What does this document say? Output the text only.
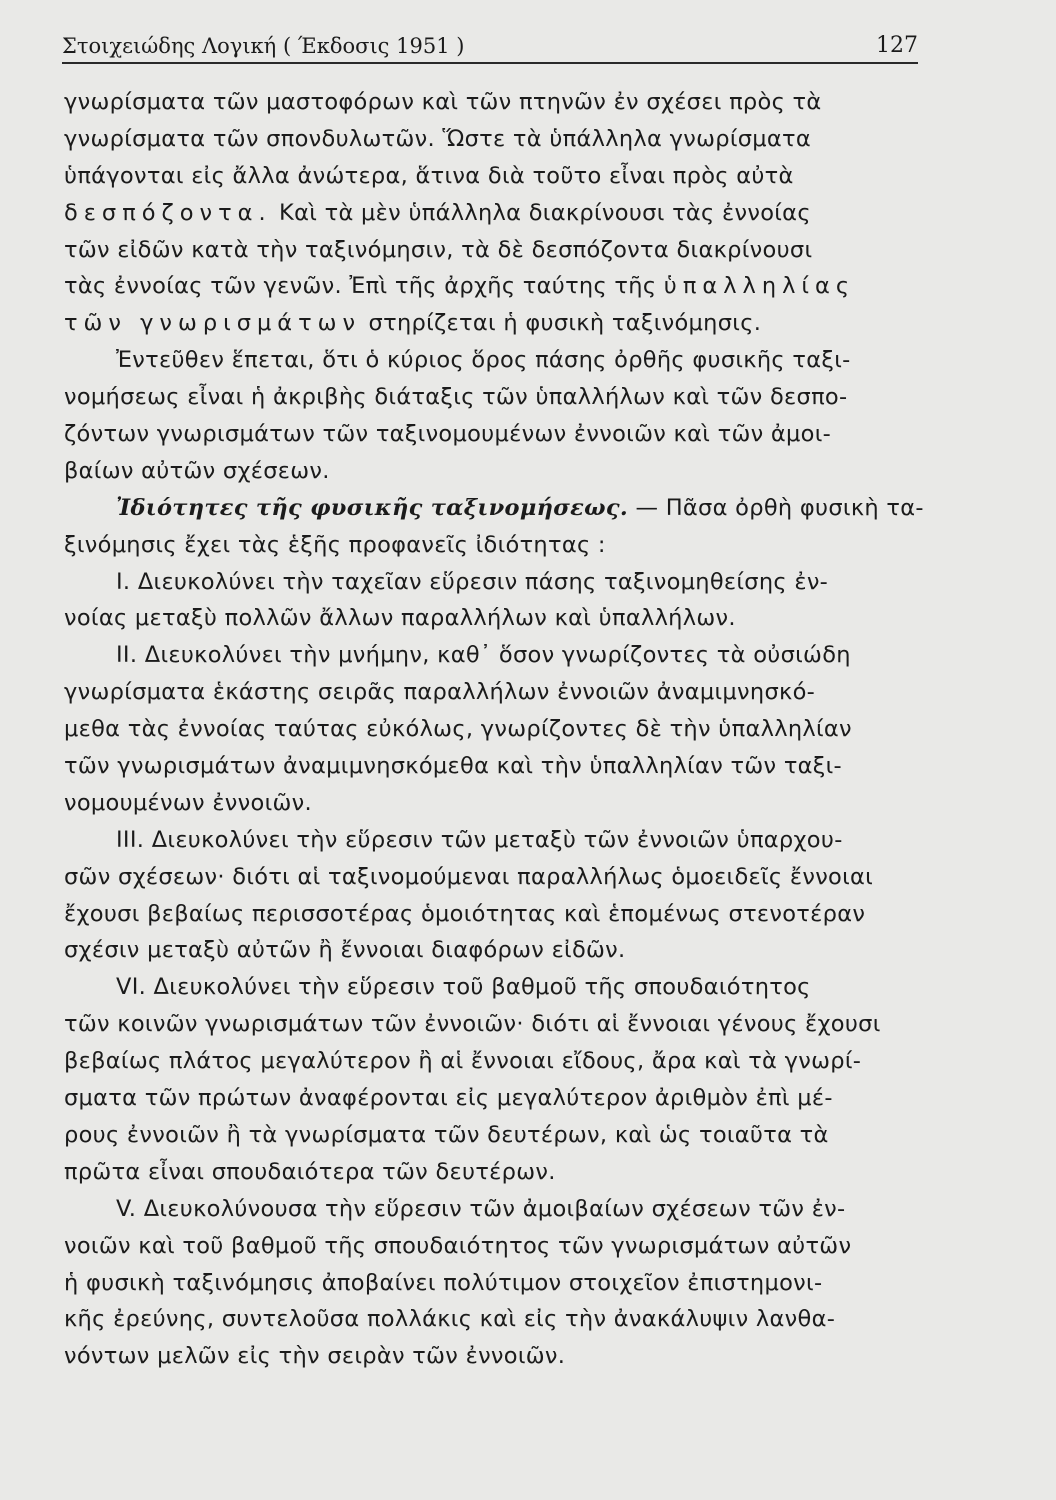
Στοιχειώδης Λογική ( Έκδοσις 1951 )	127
γνωρίσματα τῶν μαστοφόρων καὶ τῶν πτηνῶν ἐν σχέσει πρὸς τὰ
γνωρίσματα τῶν σπονδυλωτῶν. Ὥστε τὰ ὑπάλληλα γνωρίσματα
ὑπάγονται εἰς ἄλλα ἀνώτερα, ἅτινα διὰ τοῦτο εἶναι πρὸς αὐτὰ
δεσπόζοντα. Καὶ τὰ μὲν ὑπάλληλα διακρίνουσι τὰς ἐννοίας
τῶν εἰδῶν κατὰ τὴν ταξινόμησιν, τὰ δὲ δεσπόζοντα διακρίνουσι
τὰς ἐννοίας τῶν γενῶν. Ἐπὶ τῆς ἀρχῆς ταύτης τῆς ὑπαλληλίας
τῶν γνωρισμάτων στηρίζεται ἡ φυσικὴ ταξινόμησις.
Ἐντεῦθεν ἕπεται, ὅτι ὁ κύριος ὅρος πάσης ὀρθῆς φυσικῆς ταξι-
νομήσεως εἶναι ἡ ἀκριβὴς διάταξις τῶν ὑπαλλήλων καὶ τῶν δεσπο-
ζόντων γνωρισμάτων τῶν ταξινομουμένων ἐννοιῶν καὶ τῶν ἀμοι-
βαίων αὐτῶν σχέσεων.
Ἰδιότητες τῆς φυσικῆς ταξινομήσεως. — Πᾶσα ὀρθὴ φυσικὴ τα-
ξινόμησις ἔχει τὰς ἑξῆς προφανεῖς ἰδιότητας :
Ι. Διευκολύνει τὴν ταχεῖαν εὕρεσιν πάσης ταξινομηθείσης ἐν-
νοίας μεταξὺ πολλῶν ἄλλων παραλλήλων καὶ ὑπαλλήλων.
ΙΙ. Διευκολύνει τὴν μνήμην, καθ᾽ ὅσον γνωρίζοντες τὰ οὐσιώδη
γνωρίσματα ἑκάστης σειρᾶς παραλλήλων ἐννοιῶν ἀναμιμνησκό-
μεθα τὰς ἐννοίας ταύτας εὐκόλως, γνωρίζοντες δὲ τὴν ὑπαλληλίαν
τῶν γνωρισμάτων ἀναμιμνησκόμεθα καὶ τὴν ὑπαλληλίαν τῶν ταξι-
νομουμένων ἐννοιῶν.
ΙΙΙ. Διευκολύνει τὴν εὕρεσιν τῶν μεταξὺ τῶν ἐννοιῶν ὑπαρχου-
σῶν σχέσεων· διότι αἱ ταξινομούμεναι παραλλήλως ὁμοειδεῖς ἔννοιαι
ἔχουσι βεβαίως περισσοτέρας ὁμοιότητας καὶ ἑπομένως στενοτέραν
σχέσιν μεταξὺ αὐτῶν ἢ ἔννοιαι διαφόρων εἰδῶν.
VΙ. Διευκολύνει τὴν εὕρεσιν τοῦ βαθμοῦ τῆς σπουδαιότητος
τῶν κοινῶν γνωρισμάτων τῶν ἐννοιῶν· διότι αἱ ἔννοιαι γένους ἔχουσι
βεβαίως πλάτος μεγαλύτερον ἢ αἱ ἔννοιαι εἴδους, ἄρα καὶ τὰ γνωρί-
σματα τῶν πρώτων ἀναφέρονται εἰς μεγαλύτερον ἀριθμὸν ἐπὶ μέ-
ρους ἐννοιῶν ἢ τὰ γνωρίσματα τῶν δευτέρων, καὶ ὡς τοιαῦτα τὰ
πρῶτα εἶναι σπουδαιότερα τῶν δευτέρων.
V. Διευκολύνουσα τὴν εὕρεσιν τῶν ἀμοιβαίων σχέσεων τῶν ἐν-
νοιῶν καὶ τοῦ βαθμοῦ τῆς σπουδαιότητος τῶν γνωρισμάτων αὐτῶν
ἡ φυσικὴ ταξινόμησις ἀποβαίνει πολύτιμον στοιχεῖον ἐπιστημονι-
κῆς ἐρεύνης, συντελοῦσα πολλάκις καὶ εἰς τὴν ἀνακάλυψιν λανθα-
νόντων μελῶν εἰς τὴν σειρὰν τῶν ἐννοιῶν.
